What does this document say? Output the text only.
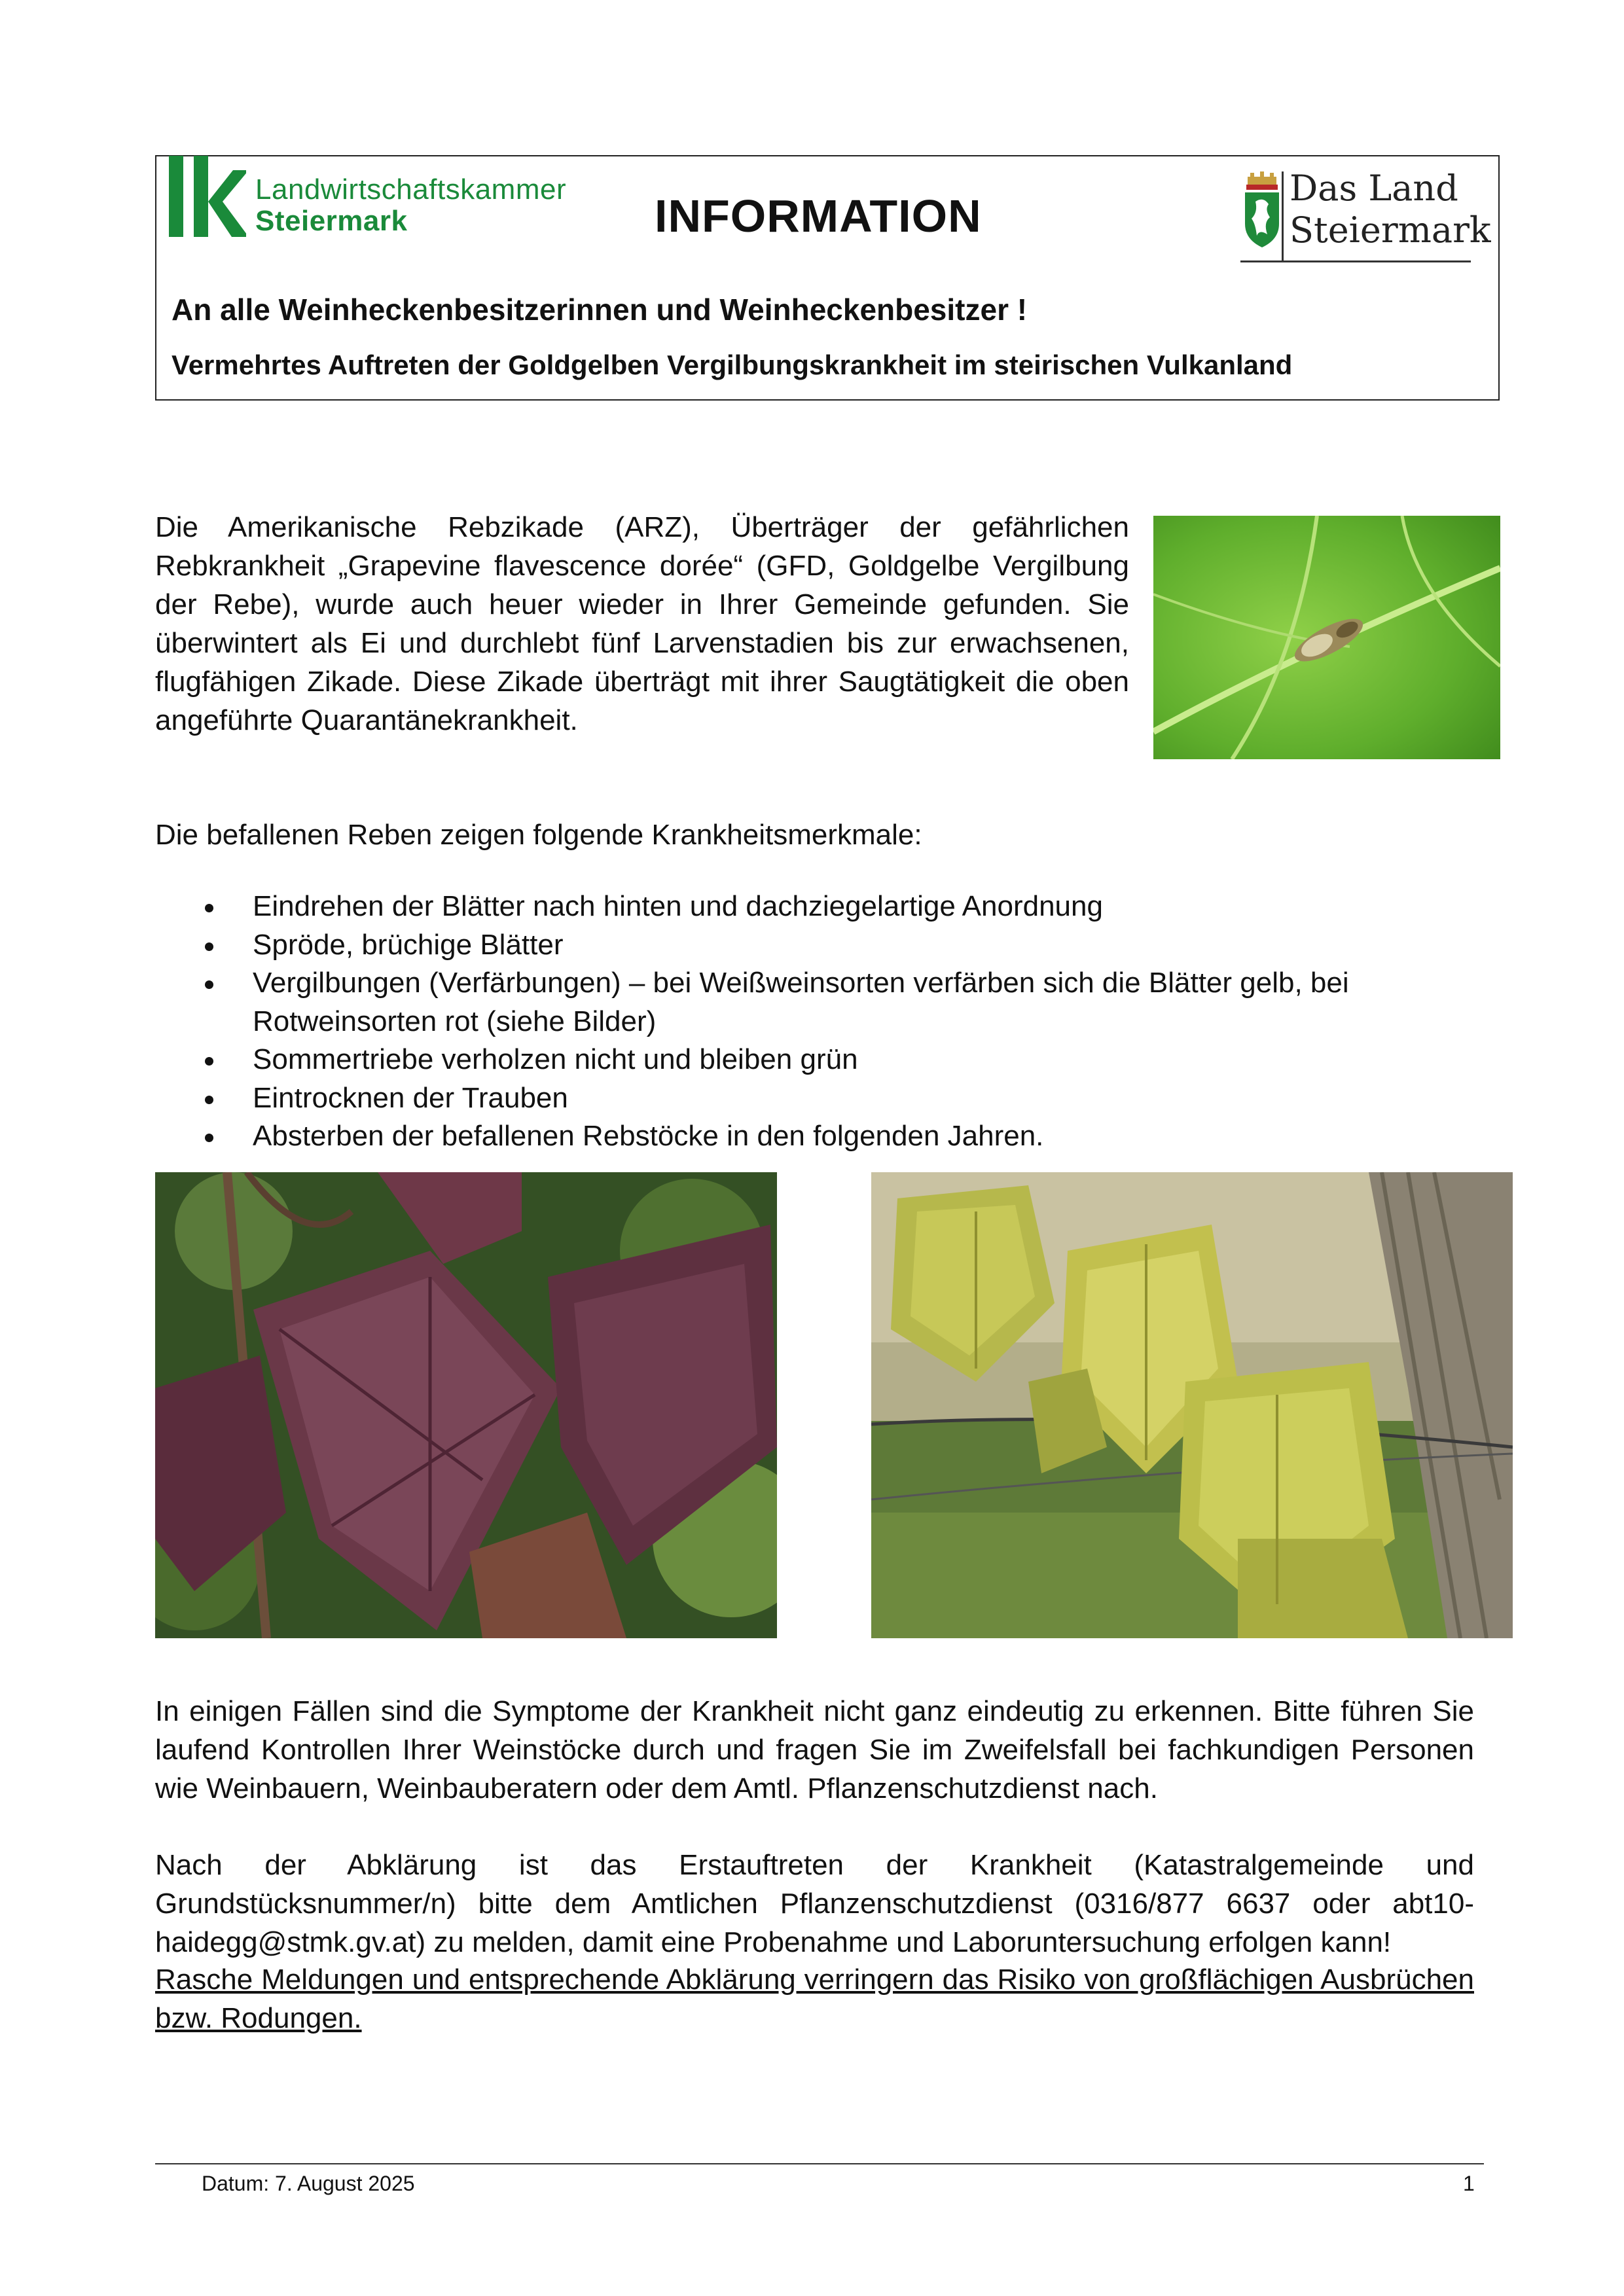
Landwirtschaftskammer
Steiermark	INFORMATION
Das Land
Steiermark
An alle Weinheckenbesitzerinnen und Weinheckenbesitzer !
Vermehrtes Auftreten der Goldgelben Vergilbungskrankheit im steirischen Vulkanland

Die Amerikanische Rebzikade (ARZ), Überträger der gefährlichen Rebkrankheit „Grapevine flavescence dorée“ (GFD, Goldgelbe Vergilbung der Rebe), wurde auch heuer wieder in Ihrer Gemeinde gefunden. Sie überwintert als Ei und durchlebt fünf Larvenstadien bis zur erwachsenen, flugfähigen Zikade. Diese Zikade überträgt mit ihrer Saugtätigkeit die oben angeführte Quarantänekrankheit.

Die befallenen Reben zeigen folgende Krankheitsmerkmale:

Eindrehen der Blätter nach hinten und dachziegelartige Anordnung
Spröde, brüchige Blätter
Vergilbungen (Verfärbungen) – bei Weißweinsorten verfärben sich die Blätter gelb, bei Rotweinsorten rot (siehe Bilder)
Sommertriebe verholzen nicht und bleiben grün
Eintrocknen der Trauben
Absterben der befallenen Rebstöcke in den folgenden Jahren.

In einigen Fällen sind die Symptome der Krankheit nicht ganz eindeutig zu erkennen. Bitte führen Sie laufend Kontrollen Ihrer Weinstöcke durch und fragen Sie im Zweifelsfall bei fachkundigen Personen wie Weinbauern, Weinbauberatern oder dem Amtl. Pflanzenschutzdienst nach.

Nach der Abklärung ist das Erstauftreten der Krankheit (Katastralgemeinde und Grundstücksnummer/n) bitte dem Amtlichen Pflanzenschutzdienst (0316/877 6637 oder abt10-haidegg@stmk.gv.at) zu melden, damit eine Probenahme und Laboruntersuchung erfolgen kann!

Rasche Meldungen und entsprechende Abklärung verringern das Risiko von großflächigen Ausbrüchen bzw. Rodungen.

Datum: 7. August 2025	1
